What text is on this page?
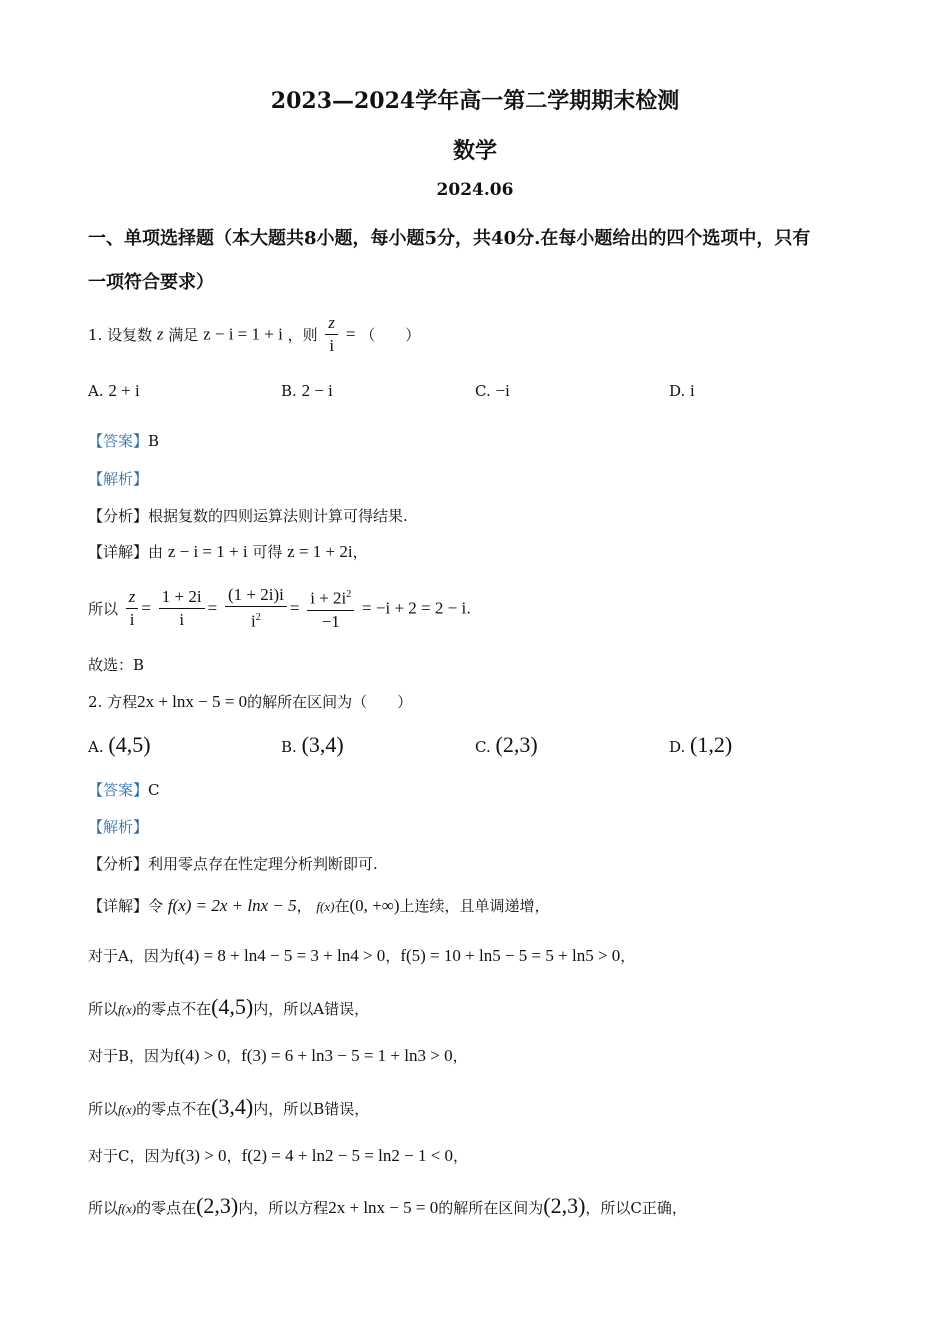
2023—2024学年高一第二学期期末检测
数学
2024.06
一、单项选择题（本大题共8小题，每小题5分，共40分.在每小题给出的四个选项中，只有
一项符合要求）
1. 设复数 z 满足 z − i = 1 + i ，则 $\frac{z}{i}$ = （　　）
A. 2 + i	B. 2 − i	C. −i	D. i
【答案】B
【解析】
【分析】根据复数的四则运算法则计算可得结果.
【详解】由 z − i = 1 + i 可得 z = 1 + 2i，
所以 $\frac{z}{i} = \frac{1 + 2i}{i} = \frac{(1 + 2i)i}{i^2} = \frac{i + 2i^2}{-1} = -i + 2 = 2 - i$.
故选：B
2. 方程2x + lnx − 5 = 0的解所在区间为（　　）
A. (4,5)	B. (3,4)	C. (2,3)	D. (1,2)
【答案】C
【解析】
【分析】利用零点存在性定理分析判断即可.
【详解】令 f(x) = 2x + lnx − 5， f(x)在(0, +∞)上连续，且单调递增，
对于A，因为f(4) = 8 + ln4 − 5 = 3 + ln4 > 0，f(5) = 10 + ln5 − 5 = 5 + ln5 > 0，
所以f(x)的零点不在(4,5)内，所以A错误，
对于B，因为f(4) > 0，f(3) = 6 + ln3 − 5 = 1 + ln3 > 0，
所以f(x)的零点不在(3,4)内，所以B错误，
对于C，因为f(3) > 0，f(2) = 4 + ln2 − 5 = ln2 − 1 < 0，
所以f(x)的零点在(2,3)内，所以方程2x + lnx − 5 = 0的解所在区间为(2,3)，所以C正确，
